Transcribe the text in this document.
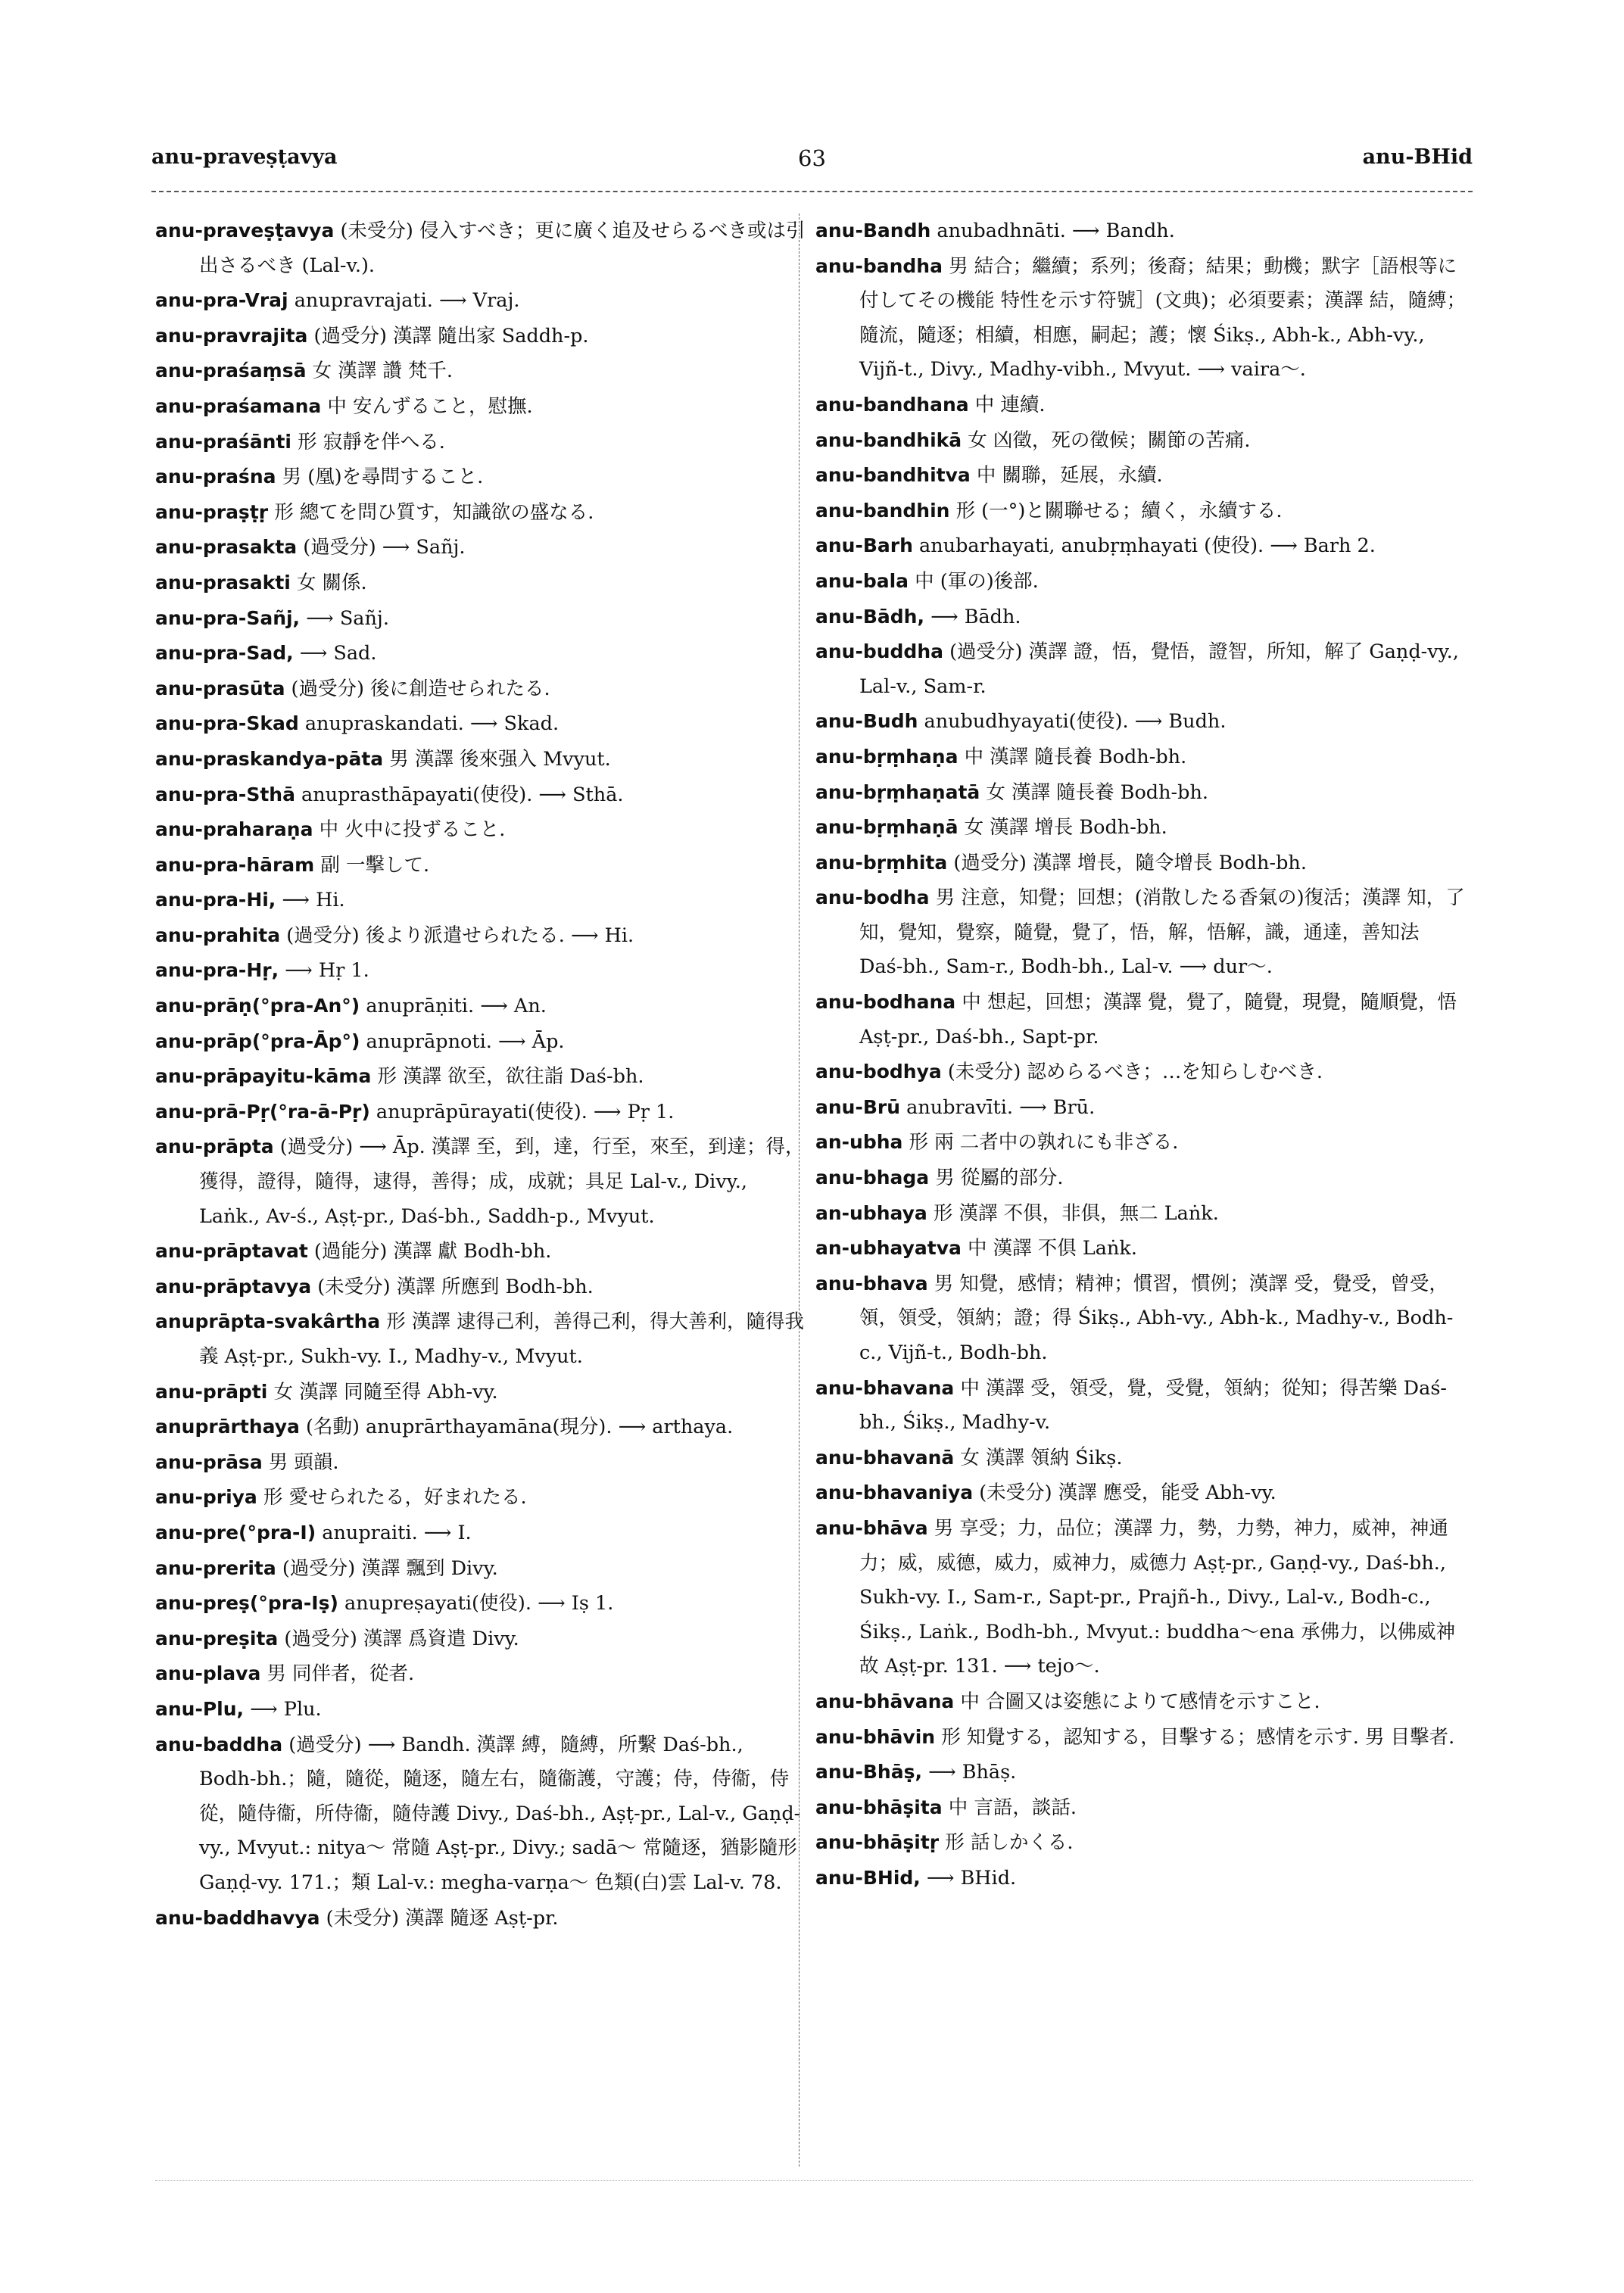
anu-praveṣṭavya	63	anu-BHid
anu-praveṣṭavya (未受分) 侵入すべき；更に廣く追及せらるべき或は引出さるべき (Lal-v.).
anu-pra-Vraj anupravrajati. ⟶ Vraj.
anu-pravrajita (過受分) 漢譯 隨出家 Saddh-p.
anu-praśaṃsā 女 漢譯 讚 梵千.
anu-praśamana 中 安んずること，慰撫.
anu-praśānti 形 寂靜を伴へる.
anu-praśna 男 (凰)を尋問すること.
anu-praṣṭṛ 形 總てを問ひ質す，知識欲の盛なる.
anu-prasakta (過受分) ⟶ Sañj.
anu-prasakti 女 關係.
anu-pra-Sañj, ⟶ Sañj.
anu-pra-Sad, ⟶ Sad.
anu-prasūta (過受分) 後に創造せられたる.
anu-pra-Skad anupraskandati. ⟶ Skad.
anu-praskandya-pāta 男 漢譯 後來强入 Mvyut.
anu-pra-Sthā anuprasthāpayati(使役). ⟶ Sthā.
anu-praharaṇa 中 火中に投ずること.
anu-pra-hāram 副 一擊して.
anu-pra-Hi, ⟶ Hi.
anu-prahita (過受分) 後より派遣せられたる. ⟶ Hi.
anu-pra-Hṛ, ⟶ Hṛ 1.
anu-prāṇ(°pra-An°) anuprāṇiti. ⟶ An.
anu-prāp(°pra-Āp°) anuprāpnoti. ⟶ Āp.
anu-prāpayitu-kāma 形 漢譯 欲至，欲往詣 Daś-bh.
anu-prā-Pṛ(°ra-ā-Pṛ) anuprāpūrayati(使役). ⟶ Pṛ 1.
anu-prāpta (過受分) ⟶ Āp. 漢譯 至，到，達，行至，來至，到達；得，獲得，證得，隨得，逮得，善得；成，成就；具足 Lal-v., Divy., Laṅk., Av-ś., Aṣṭ-pr., Daś-bh., Saddh-p., Mvyut.
anu-prāptavat (過能分) 漢譯 獻 Bodh-bh.
anu-prāptavya (未受分) 漢譯 所應到 Bodh-bh.
anuprāpta-svakârtha 形 漢譯 逮得己利，善得己利，得大善利，隨得我義 Aṣṭ-pr., Sukh-vy. I., Madhy-v., Mvyut.
anu-prāpti 女 漢譯 同隨至得 Abh-vy.
anuprārthaya (名動) anuprārthayamāna(現分). ⟶ arthaya.
anu-prāsa 男 頭韻.
anu-priya 形 愛せられたる，好まれたる.
anu-pre(°pra-I) anupraiti. ⟶ I.
anu-prerita (過受分) 漢譯 飄到 Divy.
anu-preṣ(°pra-Iṣ) anupreṣayati(使役). ⟶ Iṣ 1.
anu-preṣita (過受分) 漢譯 爲資遣 Divy.
anu-plava 男 同伴者，從者.
anu-Plu, ⟶ Plu.
anu-baddha (過受分) ⟶ Bandh. 漢譯 縛，隨縛，所繫 Daś-bh., Bodh-bh.；隨，隨從，隨逐，隨左右，隨衞護，守護；侍，侍衞，侍從，隨侍衞，所侍衞，隨侍護 Divy., Daś-bh., Aṣṭ-pr., Lal-v., Gaṇḍ-vy., Mvyut.: nitya〜 常隨 Aṣṭ-pr., Divy.; sadā〜 常隨逐，猶影隨形 Gaṇḍ-vy. 171.；類 Lal-v.: megha-varṇa〜 色類(白)雲 Lal-v. 78.
anu-baddhavya (未受分) 漢譯 隨逐 Aṣṭ-pr.
anu-Bandh anubadhnāti. ⟶ Bandh.
anu-bandha 男 結合；繼續；系列；後裔；結果；動機；默字［語根等に付してその機能 特性を示す符號］(文典)；必須要素；漢譯 結，隨縛；隨流，隨逐；相續，相應，嗣起；護；懷 Śikṣ., Abh-k., Abh-vy., Vijñ-t., Divy., Madhy-vibh., Mvyut. ⟶ vaira〜.
anu-bandhana 中 連續.
anu-bandhikā 女 凶徵，死の徵候；關節の苦痛.
anu-bandhitva 中 關聯，延展，永續.
anu-bandhin 形 (一°)と關聯せる；續く，永續する.
anu-Barh anubarhayati, anubṛṃhayati (使役). ⟶ Barh 2.
anu-bala 中 (軍の)後部.
anu-Bādh, ⟶ Bādh.
anu-buddha (過受分) 漢譯 證，悟，覺悟，證智，所知，解了 Gaṇḍ-vy., Lal-v., Sam-r.
anu-Budh anubudhyayati(使役). ⟶ Budh.
anu-bṛṃhaṇa 中 漢譯 隨長養 Bodh-bh.
anu-bṛṃhaṇatā 女 漢譯 隨長養 Bodh-bh.
anu-bṛṃhaṇā 女 漢譯 增長 Bodh-bh.
anu-bṛṃhita (過受分) 漢譯 增長，隨令增長 Bodh-bh.
anu-bodha 男 注意，知覺；回想；(消散したる香氣の)復活；漢譯 知，了知，覺知，覺察，隨覺，覺了，悟，解，悟解，識，通達，善知法 Daś-bh., Sam-r., Bodh-bh., Lal-v. ⟶ dur〜.
anu-bodhana 中 想起，回想；漢譯 覺，覺了，隨覺，現覺，隨順覺，悟 Aṣṭ-pr., Daś-bh., Sapt-pr.
anu-bodhya (未受分) 認めらるべき；…を知らしむべき.
anu-Brū anubravīti. ⟶ Brū.
an-ubha 形 兩 二者中の孰れにも非ざる.
anu-bhaga 男 從屬的部分.
an-ubhaya 形 漢譯 不俱，非俱，無二 Laṅk.
an-ubhayatva 中 漢譯 不俱 Laṅk.
anu-bhava 男 知覺，感情；精神；慣習，慣例；漢譯 受，覺受，曾受，領，領受，領納；證；得 Śikṣ., Abh-vy., Abh-k., Madhy-v., Bodh-c., Vijñ-t., Bodh-bh.
anu-bhavana 中 漢譯 受，領受，覺，受覺，領納；從知；得苦樂 Daś-bh., Śikṣ., Madhy-v.
anu-bhavanā 女 漢譯 領納 Śikṣ.
anu-bhavaniya (未受分) 漢譯 應受，能受 Abh-vy.
anu-bhāva 男 享受；力，品位；漢譯 力，勢，力勢，神力，威神，神通力；威，威德，威力，威神力，威德力 Aṣṭ-pr., Gaṇḍ-vy., Daś-bh., Sukh-vy. I., Sam-r., Sapt-pr., Prajñ-h., Divy., Lal-v., Bodh-c., Śikṣ., Laṅk., Bodh-bh., Mvyut.: buddha〜ena 承佛力，以佛威神故 Aṣṭ-pr. 131. ⟶ tejo〜.
anu-bhāvana 中 合圖又は姿態によりて感情を示すこと.
anu-bhāvin 形 知覺する，認知する，目擊する；感情を示す. 男 目擊者.
anu-Bhāṣ, ⟶ Bhāṣ.
anu-bhāṣita 中 言語，談話.
anu-bhāṣitṛ 形 話しかくる.
anu-BHid, ⟶ BHid.
